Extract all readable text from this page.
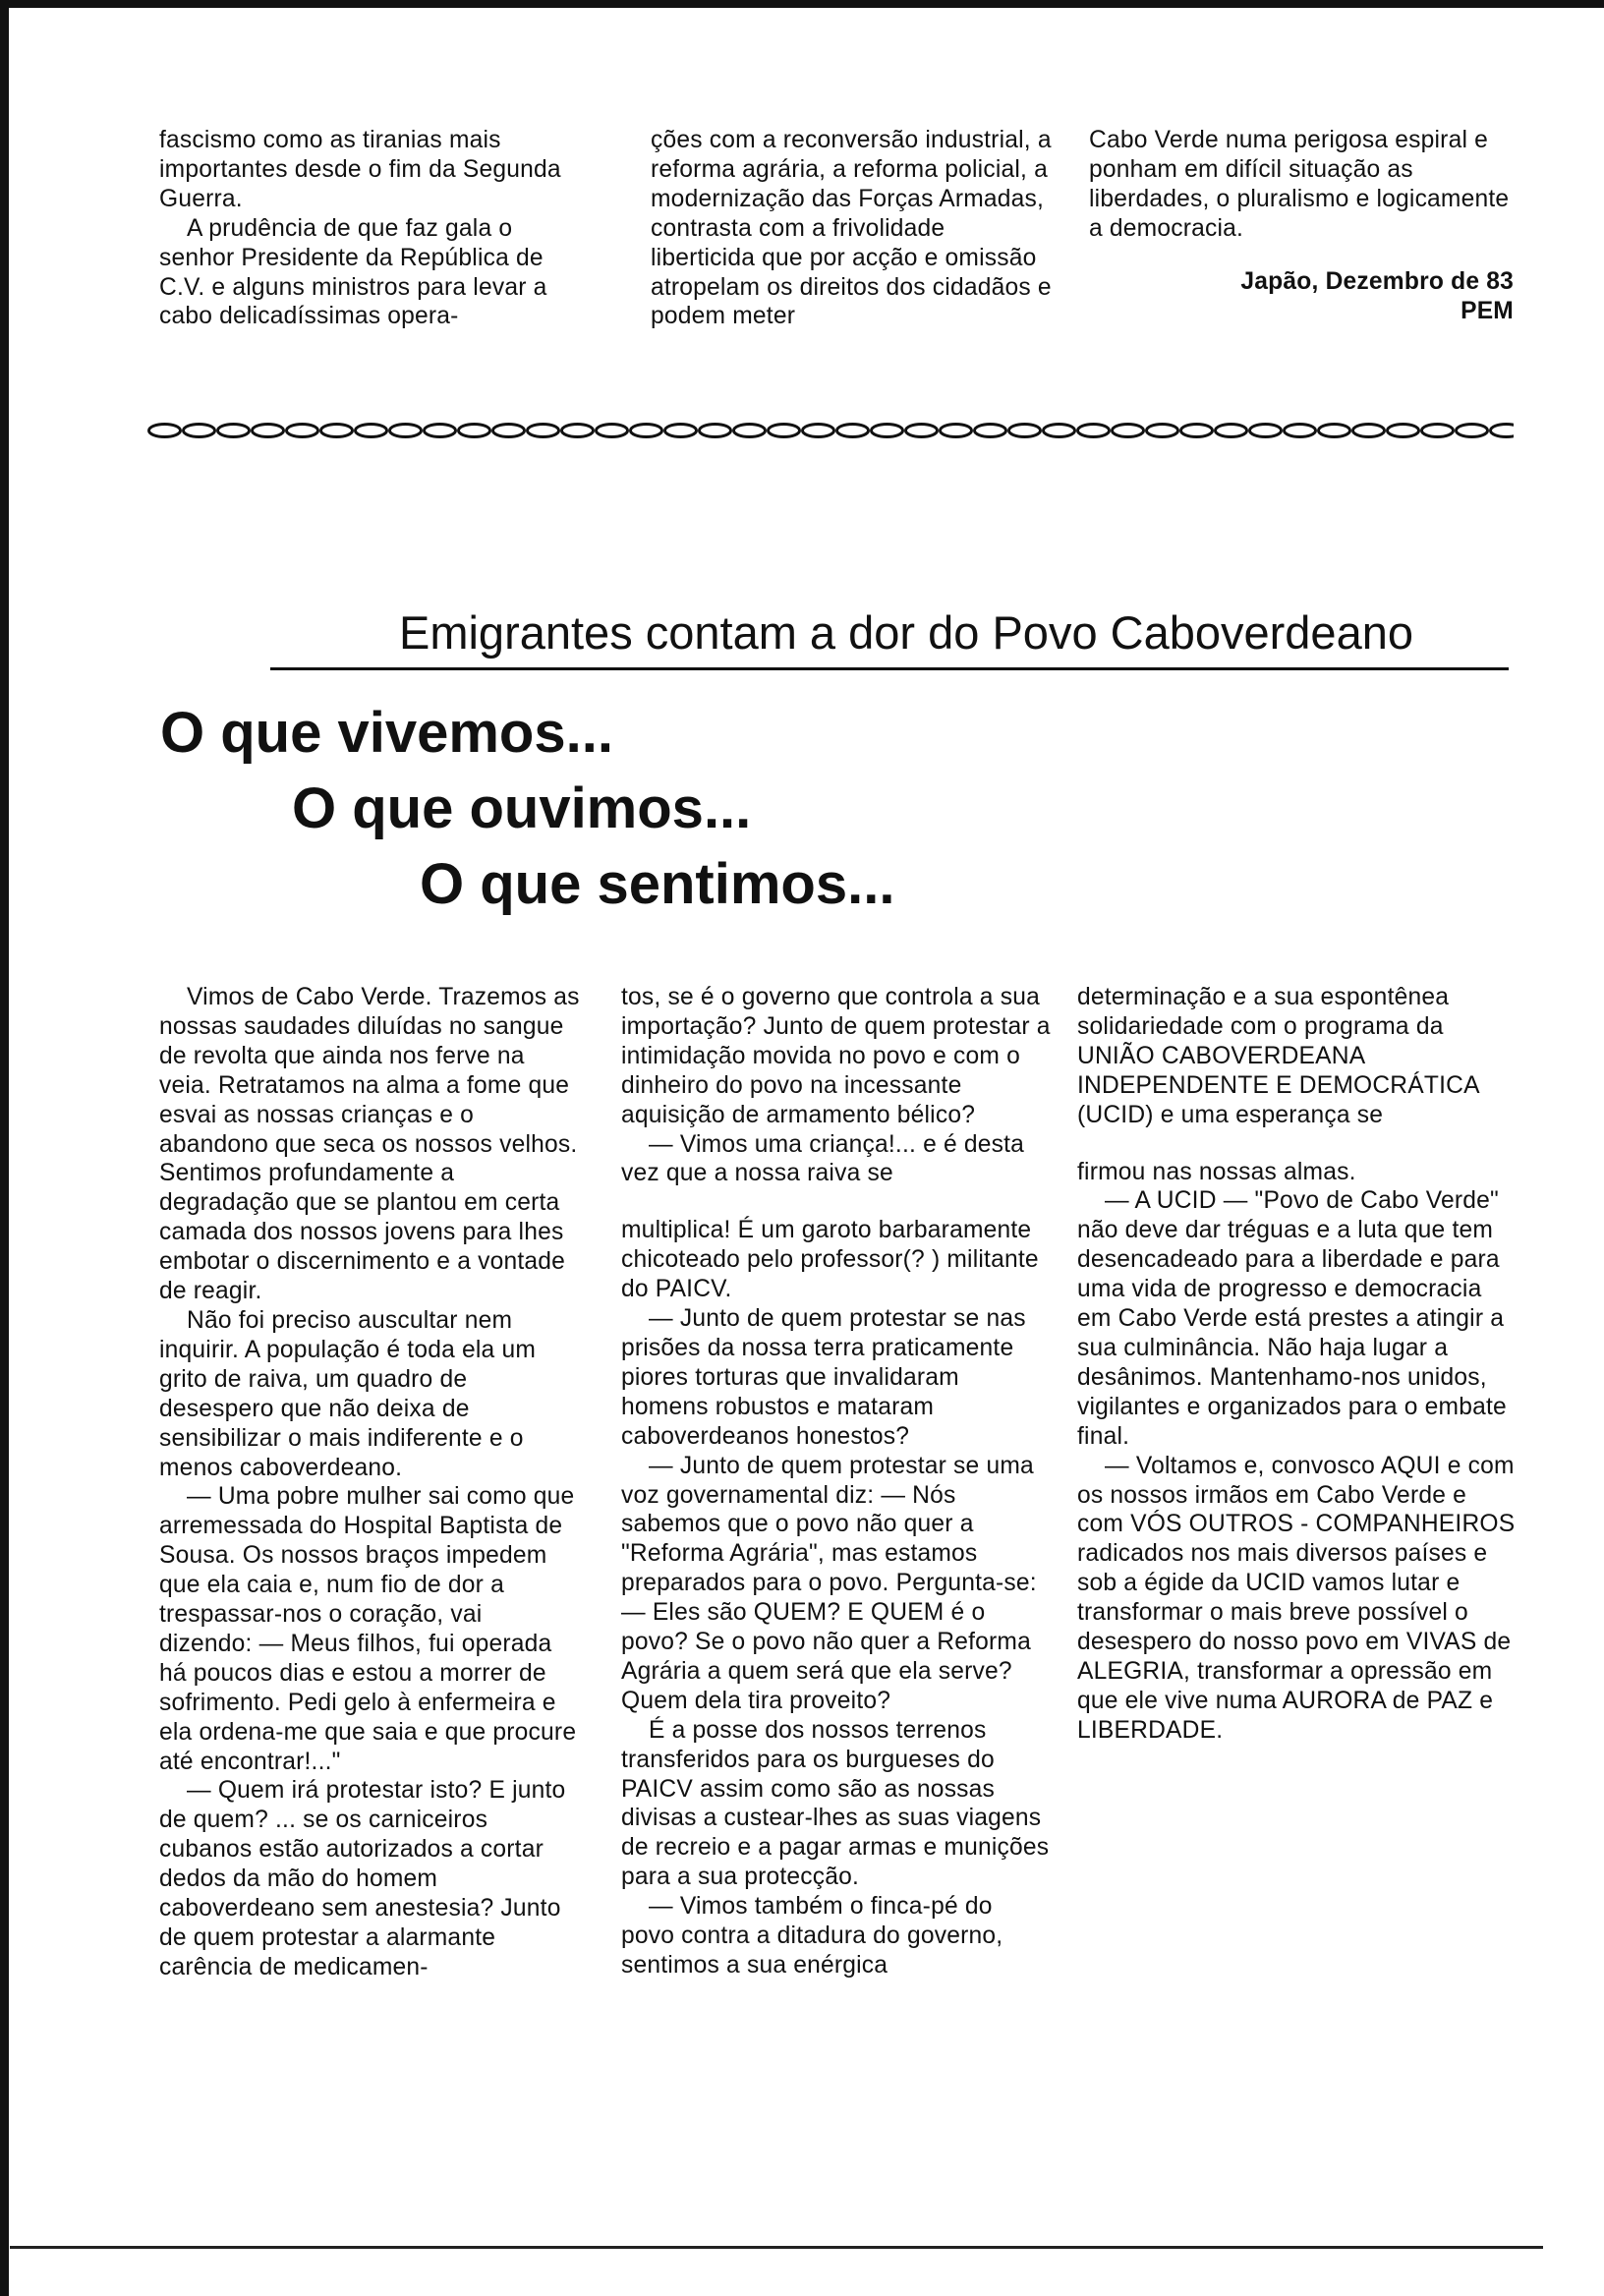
fascismo como as tiranias mais importantes desde o fim da Segunda Guerra.

A prudência de que faz gala o senhor Presidente da República de C.V. e alguns ministros para levar a cabo delicadíssimas opera-

ções com a reconversão industrial, a reforma agrária, a reforma policial, a modernização das Forças Armadas, contrasta com a frivolidade liberticida que por acção e omissão atropelam os direitos dos cidadãos e podem meter

Cabo Verde numa perigosa espiral e ponham em difícil situação as liberdades, o pluralismo e logicamente a democracia.

Japão, Dezembro de 83

PEM

Emigrantes contam a dor do Povo Caboverdeano
O que vivemos...
O que ouvimos...
O que sentimos...

Vimos de Cabo Verde. Trazemos as nossas saudades diluídas no sangue de revolta que ainda nos ferve na veia. Retratamos na alma a fome que esvai as nossas crianças e o abandono que seca os nossos velhos. Sentimos profundamente a degradação que se plantou em certa camada dos nossos jovens para lhes embotar o discernimento e a vontade de reagir.

Não foi preciso auscultar nem inquirir. A população é toda ela um grito de raiva, um quadro de desespero que não deixa de sensibilizar o mais indiferente e o menos caboverdeano.

— Uma pobre mulher sai como que arremessada do Hospital Baptista de Sousa. Os nossos braços impedem que ela caia e, num fio de dor a trespassar-nos o coração, vai dizendo: — Meus filhos, fui operada há poucos dias e estou a morrer de sofrimento. Pedi gelo à enfermeira e ela ordena-me que saia e que procure até encontrar!..."

— Quem irá protestar isto? E junto de quem? ... se os carniceiros cubanos estão autorizados a cortar dedos da mão do homem caboverdeano sem anestesia? Junto de quem protestar a alarmante carência de medicamen-

tos, se é o governo que controla a sua importação? Junto de quem protestar a intimidação movida no povo e com o dinheiro do povo na incessante aquisição de armamento bélico?

— Vimos uma criança!... e é desta vez que a nossa raiva se

multiplica! É um garoto barbaramente chicoteado pelo professor(? ) militante do PAICV.

— Junto de quem protestar se nas prisões da nossa terra praticamente piores torturas que invalidaram homens robustos e mataram caboverdeanos honestos?

— Junto de quem protestar se uma voz governamental diz: — Nós sabemos que o povo não quer a "Reforma Agrária", mas estamos preparados para o povo. Pergunta-se: — Eles são QUEM? E QUEM é o povo? Se o povo não quer a Reforma Agrária a quem será que ela serve? Quem dela tira proveito?

É a posse dos nossos terrenos transferidos para os burgueses do PAICV assim como são as nossas divisas a custear-lhes as suas viagens de recreio e a pagar armas e munições para a sua protecção.

— Vimos também o finca-pé do povo contra a ditadura do governo, sentimos a sua enérgica

determinação e a sua espontênea solidariedade com o programa da UNIÃO CABOVERDEANA INDEPENDENTE E DEMOCRÁTICA (UCID) e uma esperança se

firmou nas nossas almas.

— A UCID — "Povo de Cabo Verde" não deve dar tréguas e a luta que tem desencadeado para a liberdade e para uma vida de progresso e democracia em Cabo Verde está prestes a atingir a sua culminância. Não haja lugar a desânimos. Mantenhamo-nos unidos, vigilantes e organizados para o embate final.

— Voltamos e, convosco AQUI e com os nossos irmãos em Cabo Verde e com VÓS OUTROS - COMPANHEIROS radicados nos mais diversos países e sob a égide da UCID vamos lutar e transformar o mais breve possível o desespero do nosso povo em VIVAS de ALEGRIA, transformar a opressão em que ele vive numa AURORA de PAZ e LIBERDADE.
